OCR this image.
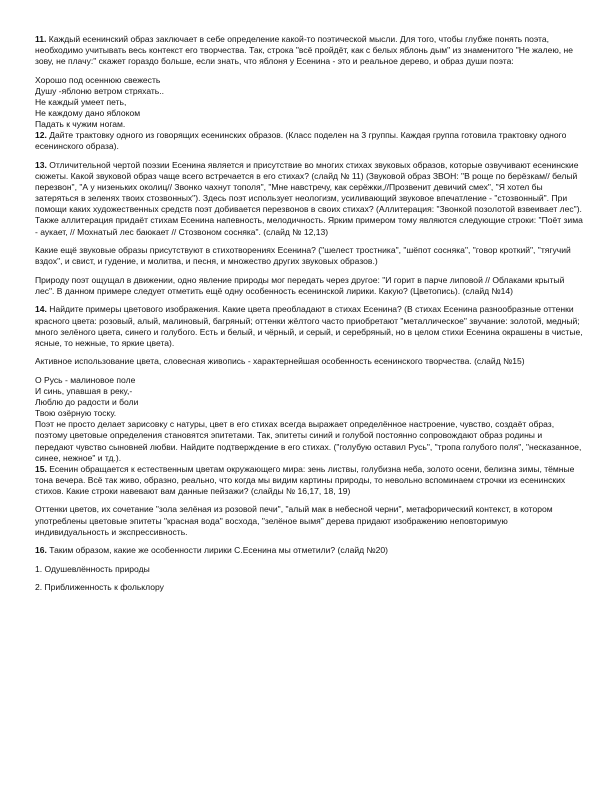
11. Каждый есенинский образ заключает в себе определение какой-то поэтической мысли. Для того, чтобы глубже понять поэта, необходимо учитывать весь контекст его творчества. Так, строка "всё пройдёт, как с белых яблонь дым" из знаменитого "Не жалею, не зову, не плачу:" скажет гораздо больше, если знать, что яблоня у Есенина - это и реальное дерево, и образ души поэта:

Хорошо под осеннюю свежесть

Душу -яблоню ветром стряхать..

Не каждый умеет петь,

Не каждому дано яблоком

Падать к чужим ногам.

12. Дайте трактовку одного из говорящих есенинских образов. (Класс поделен на 3 группы. Каждая группа готовила трактовку одного есенинского образа).

13. Отличительной чертой поэзии Есенина является и присутствие во многих стихах звуковых образов, которые озвучивают есенинские сюжеты. Какой звуковой образ чаще всего встречается в его стихах? (слайд № 11) (Звуковой образ ЗВОН: "В роще по берёзкам// белый перезвон", "А у низеньких околиц// Звонко чахнут тополя", "Мне навстречу, как серёжки,//Прозвенит девичий смех", "Я хотел бы затеряться в зеленях твоих стозвонных"). Здесь поэт использует неологизм, усиливающий звуковое впечатление - "стозвонный". При помощи каких художественных средств поэт добивается перезвонов в своих стихах? (Аллитерация: "Звонкой позолотой взвеивает лес"). Также аллитерация придаёт стихам Есенина напевность, мелодичность. Ярким примером тому являются следующие строки: "Поёт зима - аукает, // Мохнатый лес баюкает // Стозвоном сосняка". (слайд № 12,13)

Какие ещё звуковые образы присутствуют в стихотворениях Есенина? ("шелест тростника", "шёпот сосняка", "говор кроткий", "тягучий вздох", и свист, и гудение, и молитва, и песня, и множество других звуковых образов.)

Природу поэт ощущал в движении, одно явление природы мог передать через другое: "И горит в парче липовой // Облаками крытый лес". В данном примере следует отметить ещё одну особенность есенинской лирики. Какую? (Цветопись). (слайд №14)

14. Найдите примеры цветового изображения. Какие цвета преобладают в стихах Есенина? (В стихах Есенина разнообразные оттенки красного цвета: розовый, алый, малиновый, багряный; оттенки жёлтого часто приобретают "металлическое" звучание: золотой, медный; много зелёного цвета, синего и голубого. Есть и белый, и чёрный, и серый, и серебряный, но в целом стихи Есенина окрашены в чистые, ясные, то нежные, то яркие цвета).

Активное использование цвета, словесная живопись - характернейшая особенность есенинского творчества. (слайд №15)

О Русь - малиновое поле

И синь, упавшая в реку,-

Люблю до радости и боли

Твою озёрную тоску.

Поэт не просто делает зарисовку с натуры, цвет в его стихах всегда выражает определённое настроение, чувство, создаёт образ, поэтому цветовые определения становятся эпитетами. Так, эпитеты синий и голубой постоянно сопровождают образ родины и передают чувство сыновней любви. Найдите подтверждение в его стихах. ("голубую оставил Русь", "тропа голубого поля", "несказанное, синее, нежное" и тд.).

15. Есенин обращается к естественным цветам окружающего мира: зень листвы, голубизна неба, золото осени, белизна зимы, тёмные тона вечера. Всё так живо, образно, реально, что когда мы видим картины природы, то невольно вспоминаем строчки из есенинских стихов. Какие строки навевают вам данные пейзажи? (слайды № 16,17, 18, 19)

Оттенки цветов, их сочетание "зола зелёная из розовой печи", "алый мак в небесной черни", метафорический контекст, в котором употреблены цветовые эпитеты "красная вода" восхода, "зелёное вымя" дерева придают изображению неповторимую индивидуальность и экспрессивность.

16. Таким образом, какие же особенности лирики С.Есенина мы отметили? (слайд №20)

1. Одушевлённость природы

2. Приближенность к фольклору
